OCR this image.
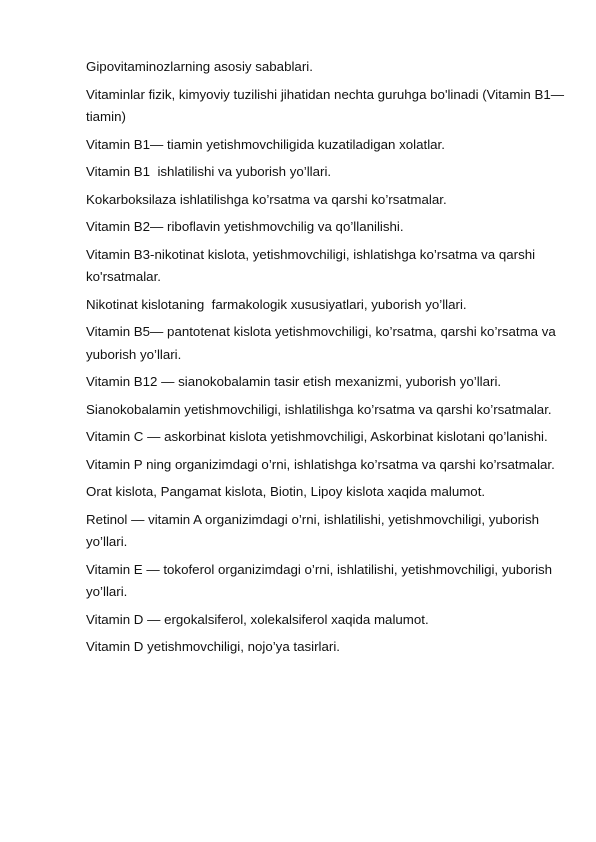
Gipovitaminozlarning asosiy sabablari.

Vitaminlar fizik, kimyoviy tuzilishi jihatidan nechta guruhga bo'linadi (Vitamin B1— tiamin)

Vitamin B1— tiamin yetishmovchiligida kuzatiladigan xolatlar.

Vitamin B1  ishlatilishi va yuborish yo’llari.

Kokarboksilaza ishlatilishga ko’rsatma va qarshi ko’rsatmalar.

Vitamin B2— riboflavin yetishmovchilig va qo’llanilishi.

Vitamin B3-nikotinat kislota, yetishmovchiligi, ishlatishga ko’rsatma va qarshi ko'rsatmalar.

Nikotinat kislotaning  farmakologik xususiyatlari, yuborish yo’llari.

Vitamin B5— pantotenat kislota yetishmovchiligi, ko’rsatma, qarshi ko’rsatma va yuborish yo’llari.

Vitamin B12 — sianokobalamin tasir etish mexanizmi, yuborish yo’llari.

Sianokobalamin yetishmovchiligi, ishlatilishga ko’rsatma va qarshi ko’rsatmalar.

Vitamin C — askorbinat kislota yetishmovchiligi, Askorbinat kislotani qo’lanishi.

Vitamin P ning organizimdagi o’rni, ishlatishga ko’rsatma va qarshi ko’rsatmalar.

Orat kislota, Pangamat kislota, Biotin, Lipoy kislota xaqida malumot.

Retinol — vitamin A organizimdagi o’rni, ishlatilishi, yetishmovchiligi, yuborish yo’llari.

Vitamin E — tokoferol organizimdagi o’rni, ishlatilishi, yetishmovchiligi, yuborish yo’llari.

Vitamin D — ergokalsiferol, xolekalsiferol xaqida malumot.

Vitamin D yetishmovchiligi, nojo’ya tasirlari.
